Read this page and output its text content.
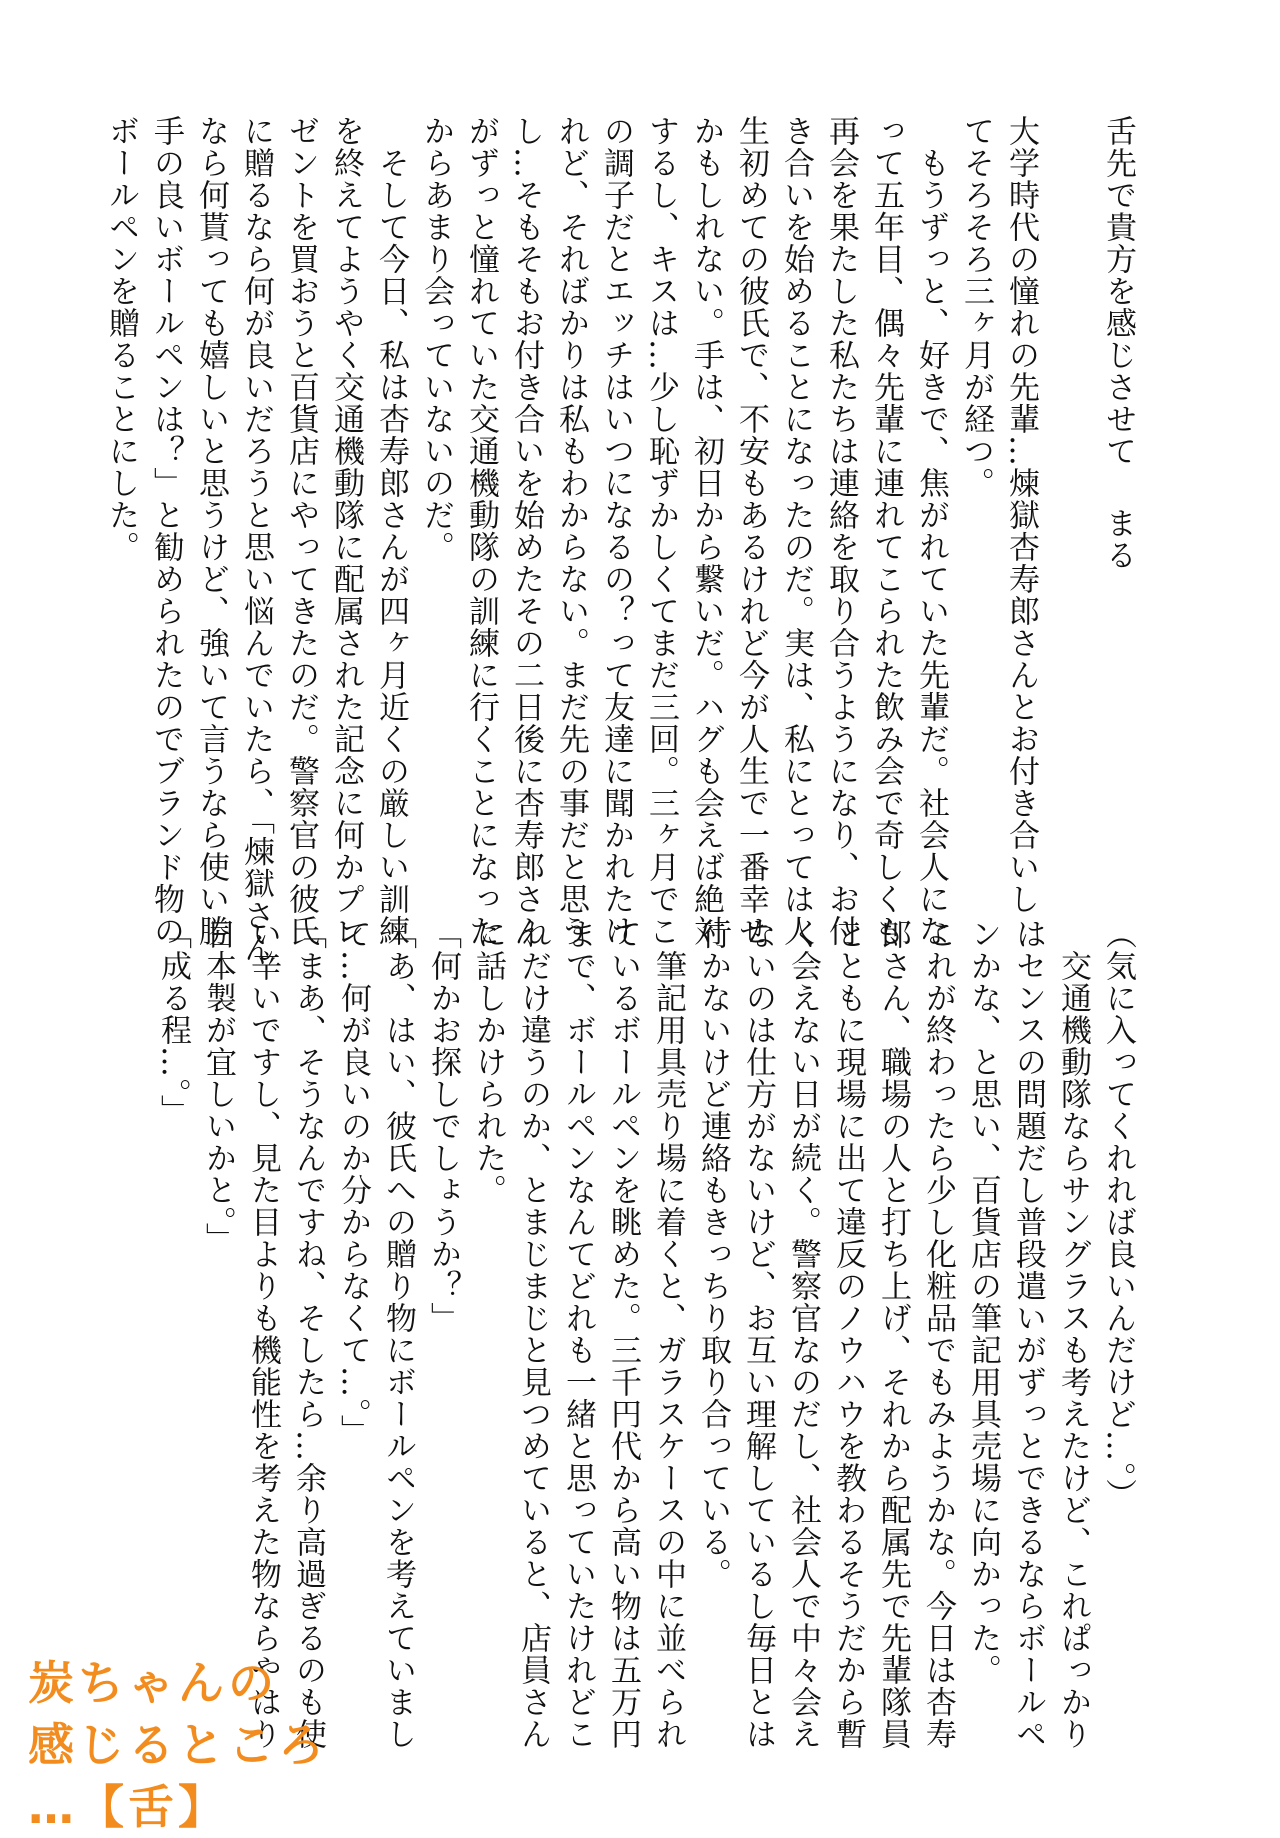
舌先で貴方を感じさせてまる
大学時代の憧れの先輩…煉獄杏寿郎さんとお付き合いし
てそろそろ三ヶ月が経つ。
　もうずっと、好きで、焦がれていた先輩だ。社会人にな
って五年目、偶々先輩に連れてこられた飲み会で奇しくも
再会を果たした私たちは連絡を取り合うようになり、お付
き合いを始めることになったのだ。実は、私にとっては人
生初めての彼氏で、不安もあるけれど今が人生で一番幸せ
かもしれない。手は、初日から繋いだ。ハグも会えば絶対
するし、キスは…少し恥ずかしくてまだ三回。三ヶ月でこ
の調子だとエッチはいつになるの？って友達に聞かれたけ
れど、そればかりは私もわからない。まだ先の事だと思う
し…そもそもお付き合いを始めたその二日後に杏寿郎さん
がずっと憧れていた交通機動隊の訓練に行くことになった
からあまり会っていないのだ。
　そして今日、私は杏寿郎さんが四ヶ月近くの厳しい訓練
を終えてようやく交通機動隊に配属された記念に何かプレ
ゼントを買おうと百貨店にやってきたのだ。警察官の彼氏
に贈るなら何が良いだろうと思い悩んでいたら、「煉獄さん
なら何貰っても嬉しいと思うけど、強いて言うなら使い勝
手の良いボールペンは？」と勧められたのでブランド物の
ボールペンを贈ることにした。
（気に入ってくれれば良いんだけど…。）
　交通機動隊ならサングラスも考えたけど、これぱっかり
はセンスの問題だし普段遣いがずっとできるならボールペ
ンかな、と思い、百貨店の筆記用具売場に向かった。
これが終わったら少し化粧品でもみようかな。今日は杏寿
郎さん、職場の人と打ち上げ、それから配属先で先輩隊員
とともに現場に出て違反のノウハウを教わるそうだから暫
く会えない日が続く。警察官なのだし、社会人で中々会え
ないのは仕方がないけど、お互い理解しているし毎日とは
行かないけど連絡もきっちり取り合っている。
　筆記用具売り場に着くと、ガラスケースの中に並べられ
ているボールペンを眺めた。三千円代から高い物は五万円
まで、ボールペンなんてどれも一緒と思っていたけれどこ
れだけ違うのか、とまじまじと見つめていると、店員さん
に話しかけられた。
「何かお探しでしょうか？」
「あ、はい、彼氏への贈り物にボールペンを考えていまし
て…何が良いのか分からなくて…。」
「まあ、そうなんですね、そしたら…余り高過ぎるのも使
い辛いですし、見た目よりも機能性を考えた物ならやはり
日本製が宜しいかと。」
「成る程…。」
炭ちゃんの
感じるところ
…【舌】
